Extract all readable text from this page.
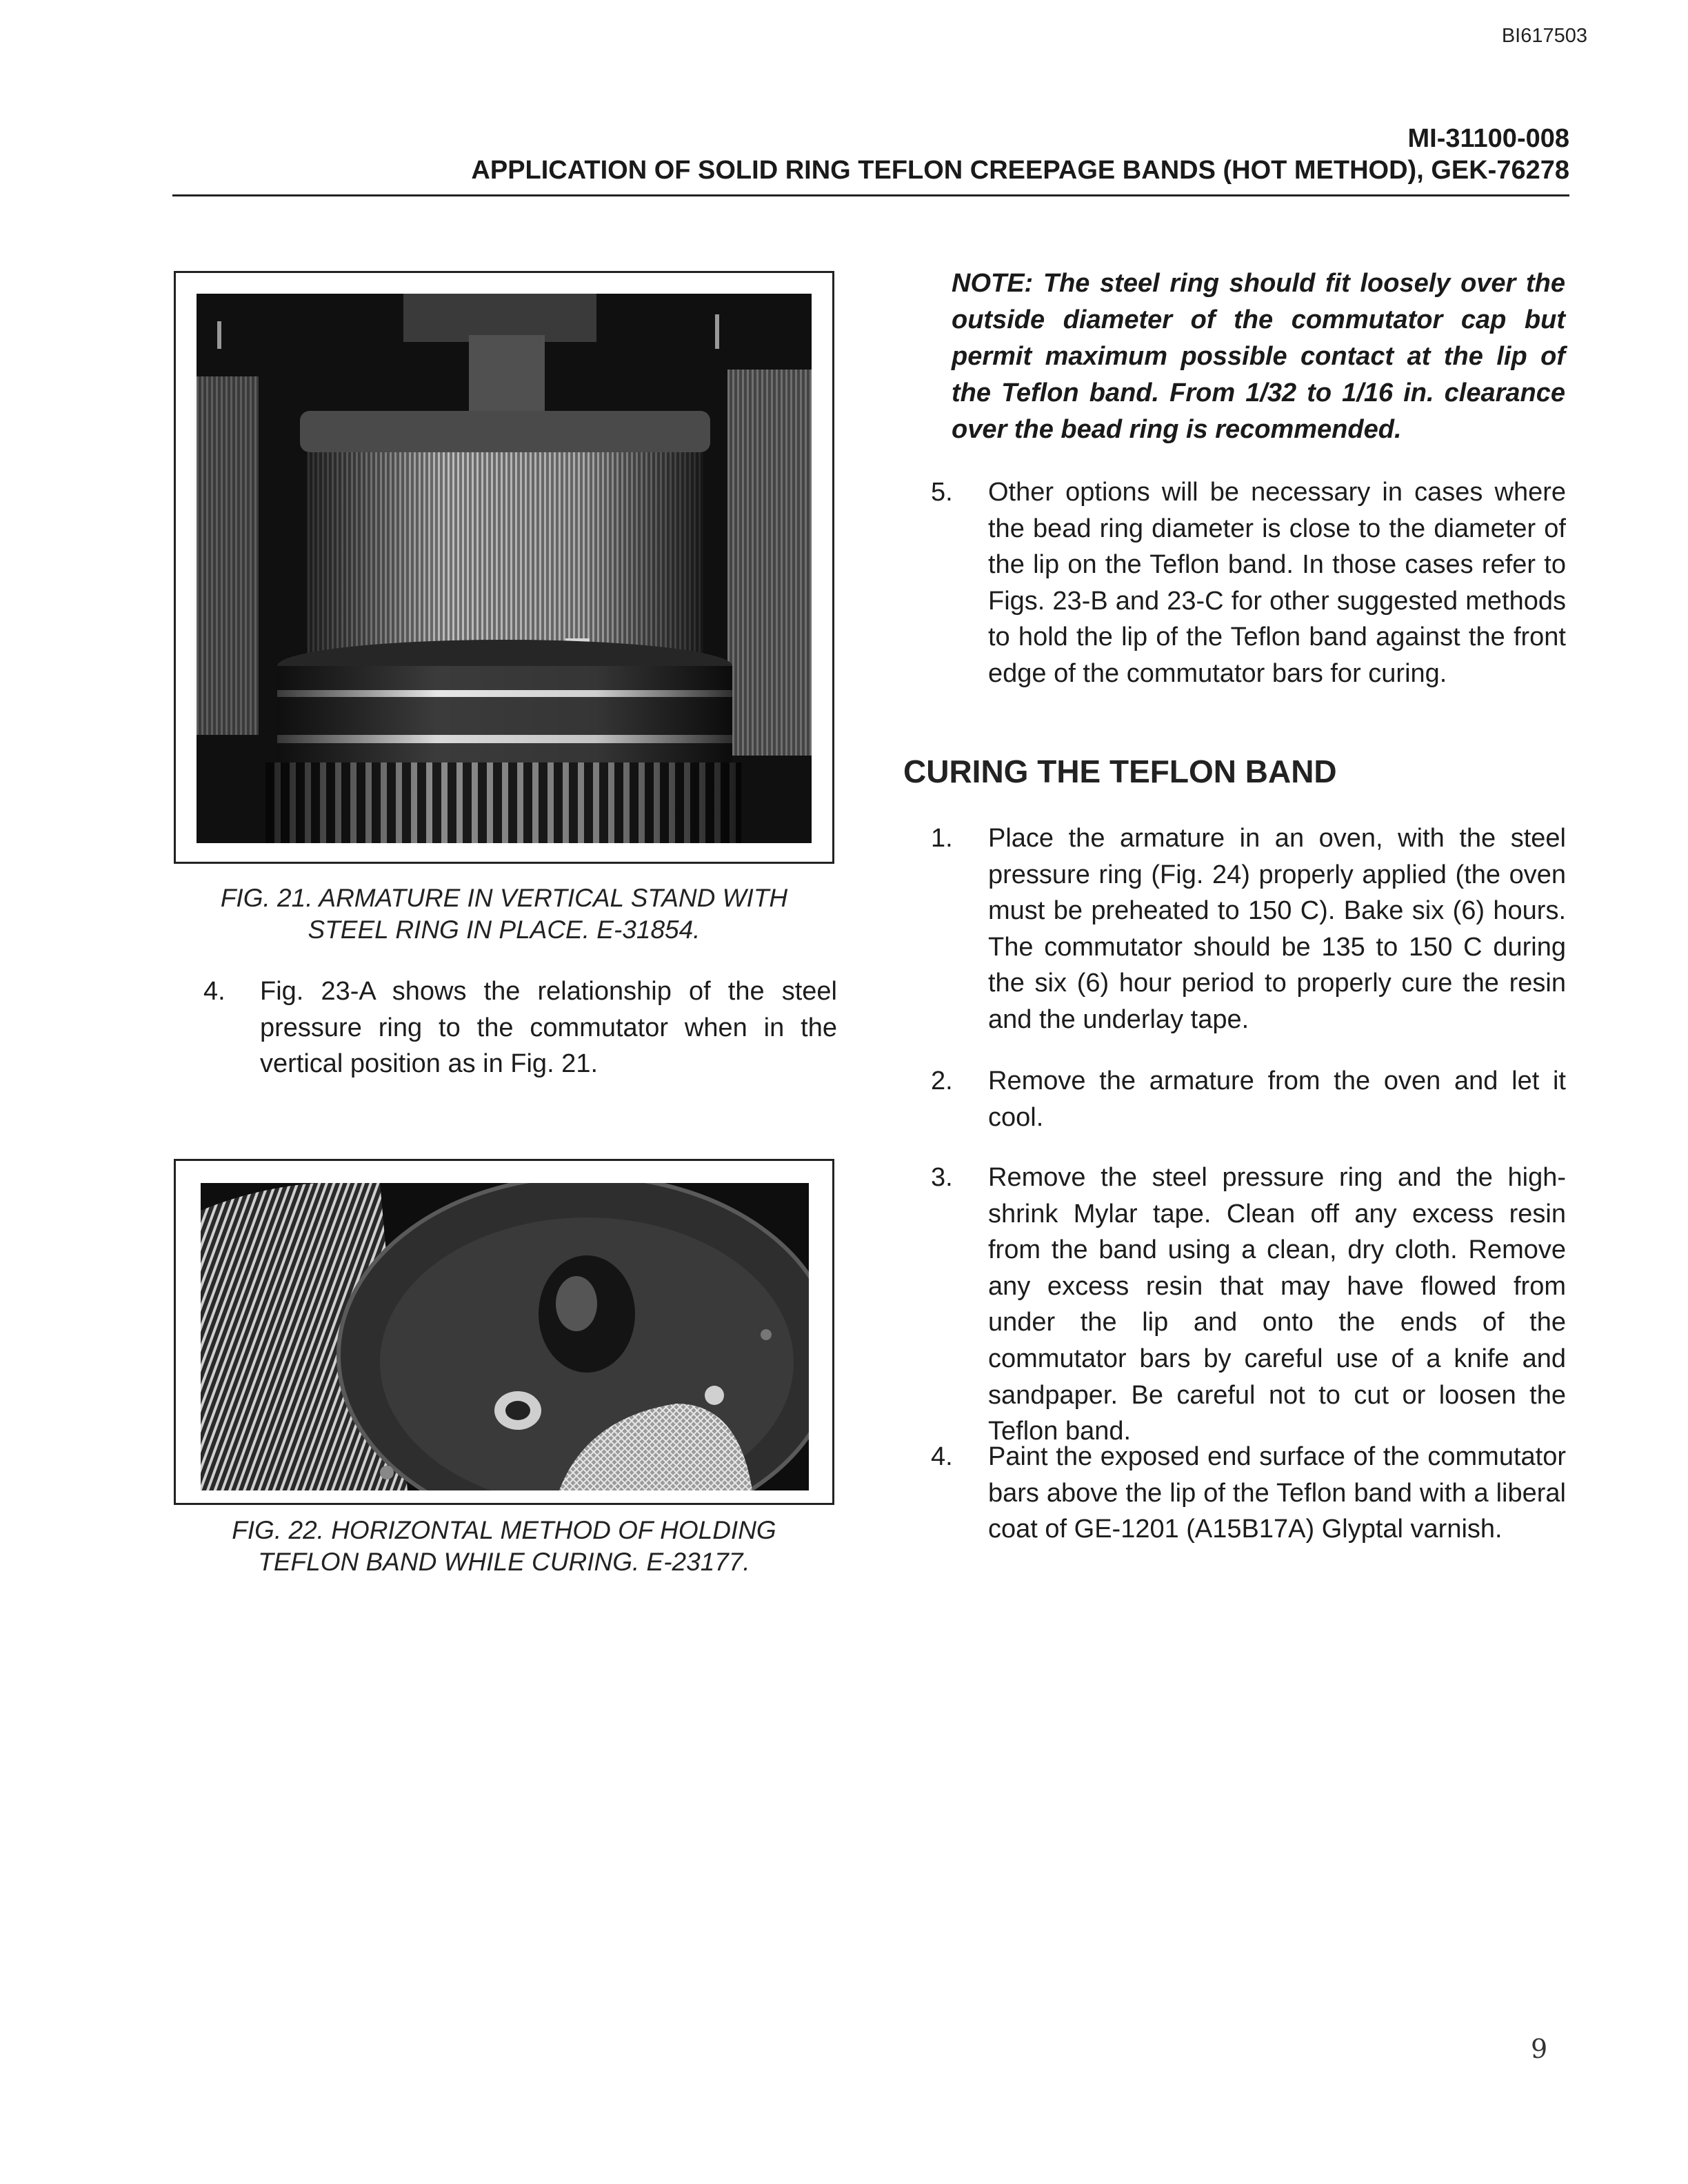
BI617503
MI-31100-008
APPLICATION OF SOLID RING TEFLON CREEPAGE BANDS (HOT METHOD), GEK-76278
FIG. 21. ARMATURE IN VERTICAL STAND WITH
STEEL RING IN PLACE. E-31854.
4. Fig. 23-A shows the relationship of the steel pressure ring to the commutator when in the vertical position as in Fig. 21.
FIG. 22. HORIZONTAL METHOD OF HOLDING
TEFLON BAND WHILE CURING. E-23177.
NOTE: The steel ring should fit loosely over the outside diameter of the commutator cap but permit maximum possible contact at the lip of the Teflon band. From 1/32 to 1/16 in. clearance over the bead ring is recommended.
5. Other options will be necessary in cases where the bead ring diameter is close to the diameter of the lip on the Teflon band. In those cases refer to Figs. 23-B and 23-C for other suggested methods to hold the lip of the Teflon band against the front edge of the commutator bars for curing.
CURING THE TEFLON BAND
1. Place the armature in an oven, with the steel pressure ring (Fig. 24) properly applied (the oven must be preheated to 150 C). Bake six (6) hours. The commutator should be 135 to 150 C during the six (6) hour period to properly cure the resin and the underlay tape.
2. Remove the armature from the oven and let it cool.
3. Remove the steel pressure ring and the high-shrink Mylar tape. Clean off any excess resin from the band using a clean, dry cloth. Remove any excess resin that may have flowed from under the lip and onto the ends of the commutator bars by careful use of a knife and sandpaper. Be careful not to cut or loosen the Teflon band.
4. Paint the exposed end surface of the commutator bars above the lip of the Teflon band with a liberal coat of GE-1201 (A15B17A) Glyptal varnish.
9
